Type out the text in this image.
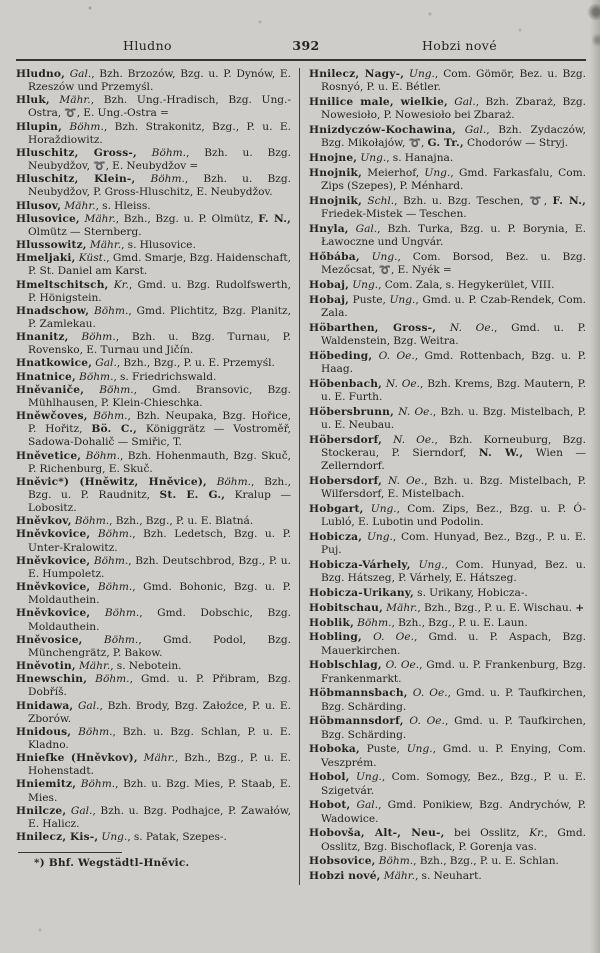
Hludno	392	Hobzi nové

Hludno, Gal., Bzh. Brzozów, Bzg. u. P. Dynów, E. Rzeszów und Przemyśl.

Hluk, Mähr., Bzh. Ung.-Hradisch, Bzg. Ung.-Ostra, ➰, E. Ung.-Ostra =

Hlupin, Böhm., Bzh. Strakonitz, Bzg., P. u. E. Horaždiowitz.

Hluschitz, Gross-, Böhm., Bzh. u. Bzg. Neubydžov, ➰, E. Neubydžov =

Hluschitz, Klein-, Böhm., Bzh. u. Bzg. Neubydžov, P. Gross-Hluschitz, E. Neubydžov.

Hlusov, Mähr., s. Hleiss.

Hlusovice, Mähr., Bzh., Bzg. u. P. Olmütz, F. N., Olmütz — Sternberg.

Hlussowitz, Mähr., s. Hlusovice.

Hmeljaki, Küst., Gmd. Smarje, Bzg. Haidenschaft, P. St. Daniel am Karst.

Hmeltschitsch, Kr., Gmd. u. Bzg. Rudolfswerth, P. Hönigstein.

Hnadschow, Böhm., Gmd. Plichtitz, Bzg. Planitz, P. Zamlekau.

Hnanitz, Böhm., Bzh. u. Bzg. Turnau, P. Rovensko, E. Turnau und Jičín.

Hnatkowice, Gal., Bzh., Bzg., P. u. E. Przemyśl.

Hnatnice, Böhm., s. Friedrichswald.

Hněvaniče, Böhm., Gmd. Bransovic, Bzg. Mühlhausen, P. Klein-Chieschka.

Hněwčoves, Böhm., Bzh. Neupaka, Bzg. Hořice, P. Hořitz, Bö. C., Königgrätz — Vostroměř, Sadowa-Dohalič — Smiřic, T.

Hněvetice, Böhm., Bzh. Hohenmauth, Bzg. Skuč, P. Richenburg, E. Skuč.

Hněvic*) (Hněwitz, Hněvice), Böhm., Bzh., Bzg. u. P. Raudnitz, St. E. G., Kralup — Lobositz.

Hněvkov, Böhm., Bzh., Bzg., P. u. E. Blatná.

Hněvkovice, Böhm., Bzh. Ledetsch, Bzg. u. P. Unter-Kralowitz.

Hněvkovice, Böhm., Bzh. Deutschbrod, Bzg., P. u. E. Humpoletz.

Hněvkovice, Böhm., Gmd. Bohonic, Bzg. u. P. Moldauthein.

Hněvkovice, Böhm., Gmd. Dobschic, Bzg. Moldauthein.

Hněvosice, Böhm., Gmd. Podol, Bzg. Münchengrätz, P. Bakow.

Hněvotin, Mähr., s. Nebotein.

Hnewschin, Böhm., Gmd. u. P. Přibram, Bzg. Dobříš.

Hnidawa, Gal., Bzh. Brody, Bzg. Załoźce, P. u. E. Zborów.

Hnidous, Böhm., Bzh. u. Bzg. Schlan, P. u. E. Kladno.

Hniefke (Hněvkov), Mähr., Bzh., Bzg., P. u. E. Hohenstadt.

Hniemitz, Böhm., Bzh. u. Bzg. Mies, P. Staab, E. Mies.

Hnilcze, Gal., Bzh. u. Bzg. Podhajce, P. Zawałów, E. Halicz.

Hnilecz, Kis-, Ung., s. Patak, Szepes-.

*) Bhf. Wegstädtl-Hněvic.

Hnilecz, Nagy-, Ung., Com. Gömör, Bez. u. Bzg. Rosnyó, P. u. E. Bétler.

Hnilice male, wielkie, Gal., Bzh. Zbaraż, Bzg. Nowesioło, P. Nowesioło bei Zbaraż.

Hnizdyczów-Kochawina, Gal., Bzh. Zydaczów, Bzg. Mikołajów, ➰, G. Tr., Chodorów — Stryj.

Hnojne, Ung., s. Hanajna.

Hnojnik, Meierhof, Ung., Gmd. Farkasfalu, Com. Zips (Szepes), P. Ménhard.

Hnojnik, Schl., Bzh. u. Bzg. Teschen, ➰, F. N., Friedek-Mistek — Teschen.

Hnyla, Gal., Bzh. Turka, Bzg. u. P. Borynia, E. Ławoczne und Ungvár.

Hőbába, Ung., Com. Borsod, Bez. u. Bzg. Mezőcsat, ➰, E. Nyék =

Hobaj, Ung., Com. Zala, s. Hegykerület, VIII.

Hobaj, Puste, Ung., Gmd. u. P. Czab-Rendek, Com. Zala.

Höbarthen, Gross-, N. Oe., Gmd. u. P. Waldenstein, Bzg. Weitra.

Höbeding, O. Oe., Gmd. Rottenbach, Bzg. u. P. Haag.

Höbenbach, N. Oe., Bzh. Krems, Bzg. Mautern, P. u. E. Furth.

Höbersbrunn, N. Oe., Bzh. u. Bzg. Mistelbach, P. u. E. Neubau.

Höbersdorf, N. Oe., Bzh. Korneuburg, Bzg. Stockerau, P. Sierndorf, N. W., Wien — Zellerndorf.

Hobersdorf, N. Oe., Bzh. u. Bzg. Mistelbach, P. Wilfersdorf, E. Mistelbach.

Hobgart, Ung., Com. Zips, Bez., Bzg. u. P. Ó-Lubló, E. Lubotin und Podolin.

Hobicza, Ung., Com. Hunyad, Bez., Bzg., P. u. E. Puj.

Hobicza-Várhely, Ung., Com. Hunyad, Bez. u. Bzg. Hátszeg, P. Várhely, E. Hátszeg.

Hobicza-Urikany, s. Urikany, Hobicza-.

Hobitschau, Mähr., Bzh., Bzg., P. u. E. Wischau. +

Hoblik, Böhm., Bzh., Bzg., P. u. E. Laun.

Hobling, O. Oe., Gmd. u. P. Aspach, Bzg. Mauerkirchen.

Hoblschlag, O. Oe., Gmd. u. P. Frankenburg, Bzg. Frankenmarkt.

Höbmannsbach, O. Oe., Gmd. u. P. Taufkirchen, Bzg. Schärding.

Höbmannsdorf, O. Oe., Gmd. u. P. Taufkirchen, Bzg. Schärding.

Hoboka, Puste, Ung., Gmd. u. P. Enying, Com. Veszprém.

Hobol, Ung., Com. Somogy, Bez., Bzg., P. u. E. Szigetvár.

Hobot, Gal., Gmd. Ponikiew, Bzg. Andrychów, P. Wadowice.

Hobovša, Alt-, Neu-, bei Osslitz, Kr., Gmd. Osslitz, Bzg. Bischoflack, P. Gorenja vas.

Hobsovice, Böhm., Bzh., Bzg., P. u. E. Schlan.

Hobzi nové, Mähr., s. Neuhart.
